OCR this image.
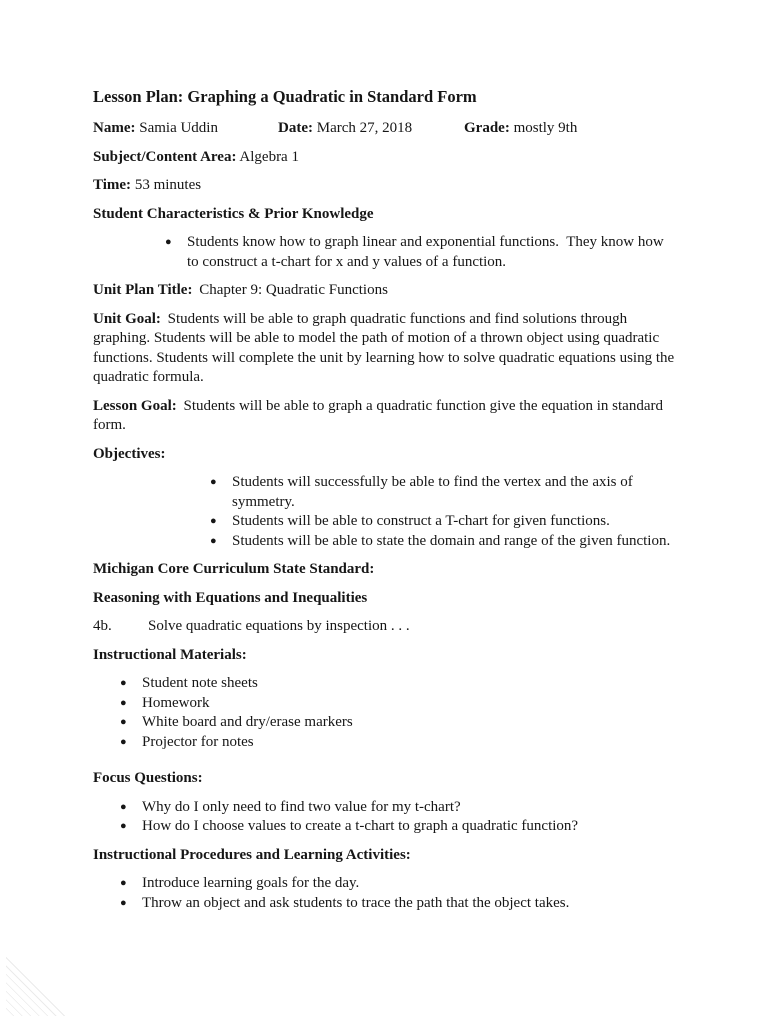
Lesson Plan: Graphing a Quadratic in Standard Form
Name: Samia Uddin	Date: March 27, 2018	Grade: mostly 9th
Subject/Content Area: Algebra 1
Time: 53 minutes
Student Characteristics & Prior Knowledge
●	Students know how to graph linear and exponential functions.  They know how to construct a t-chart for x and y values of a function.
Unit Plan Title: Chapter 9: Quadratic Functions
Unit Goal: Students will be able to graph quadratic functions and find solutions through graphing. Students will be able to model the path of motion of a thrown object using quadratic functions. Students will complete the unit by learning how to solve quadratic equations using the quadratic formula.
Lesson Goal: Students will be able to graph a quadratic function give the equation in standard form.
Objectives:
●	Students will successfully be able to find the vertex and the axis of symmetry.
●	Students will be able to construct a T-chart for given functions.
●	Students will be able to state the domain and range of the given function.
Michigan Core Curriculum State Standard:
Reasoning with Equations and Inequalities
4b. Solve quadratic equations by inspection . . .
Instructional Materials:
●	Student note sheets
●	Homework
●	White board and dry/erase markers
●	Projector for notes
Focus Questions:
●	Why do I only need to find two value for my t-chart?
●	How do I choose values to create a t-chart to graph a quadratic function?
Instructional Procedures and Learning Activities:
●	Introduce learning goals for the day.
●	Throw an object and ask students to trace the path that the object takes.
